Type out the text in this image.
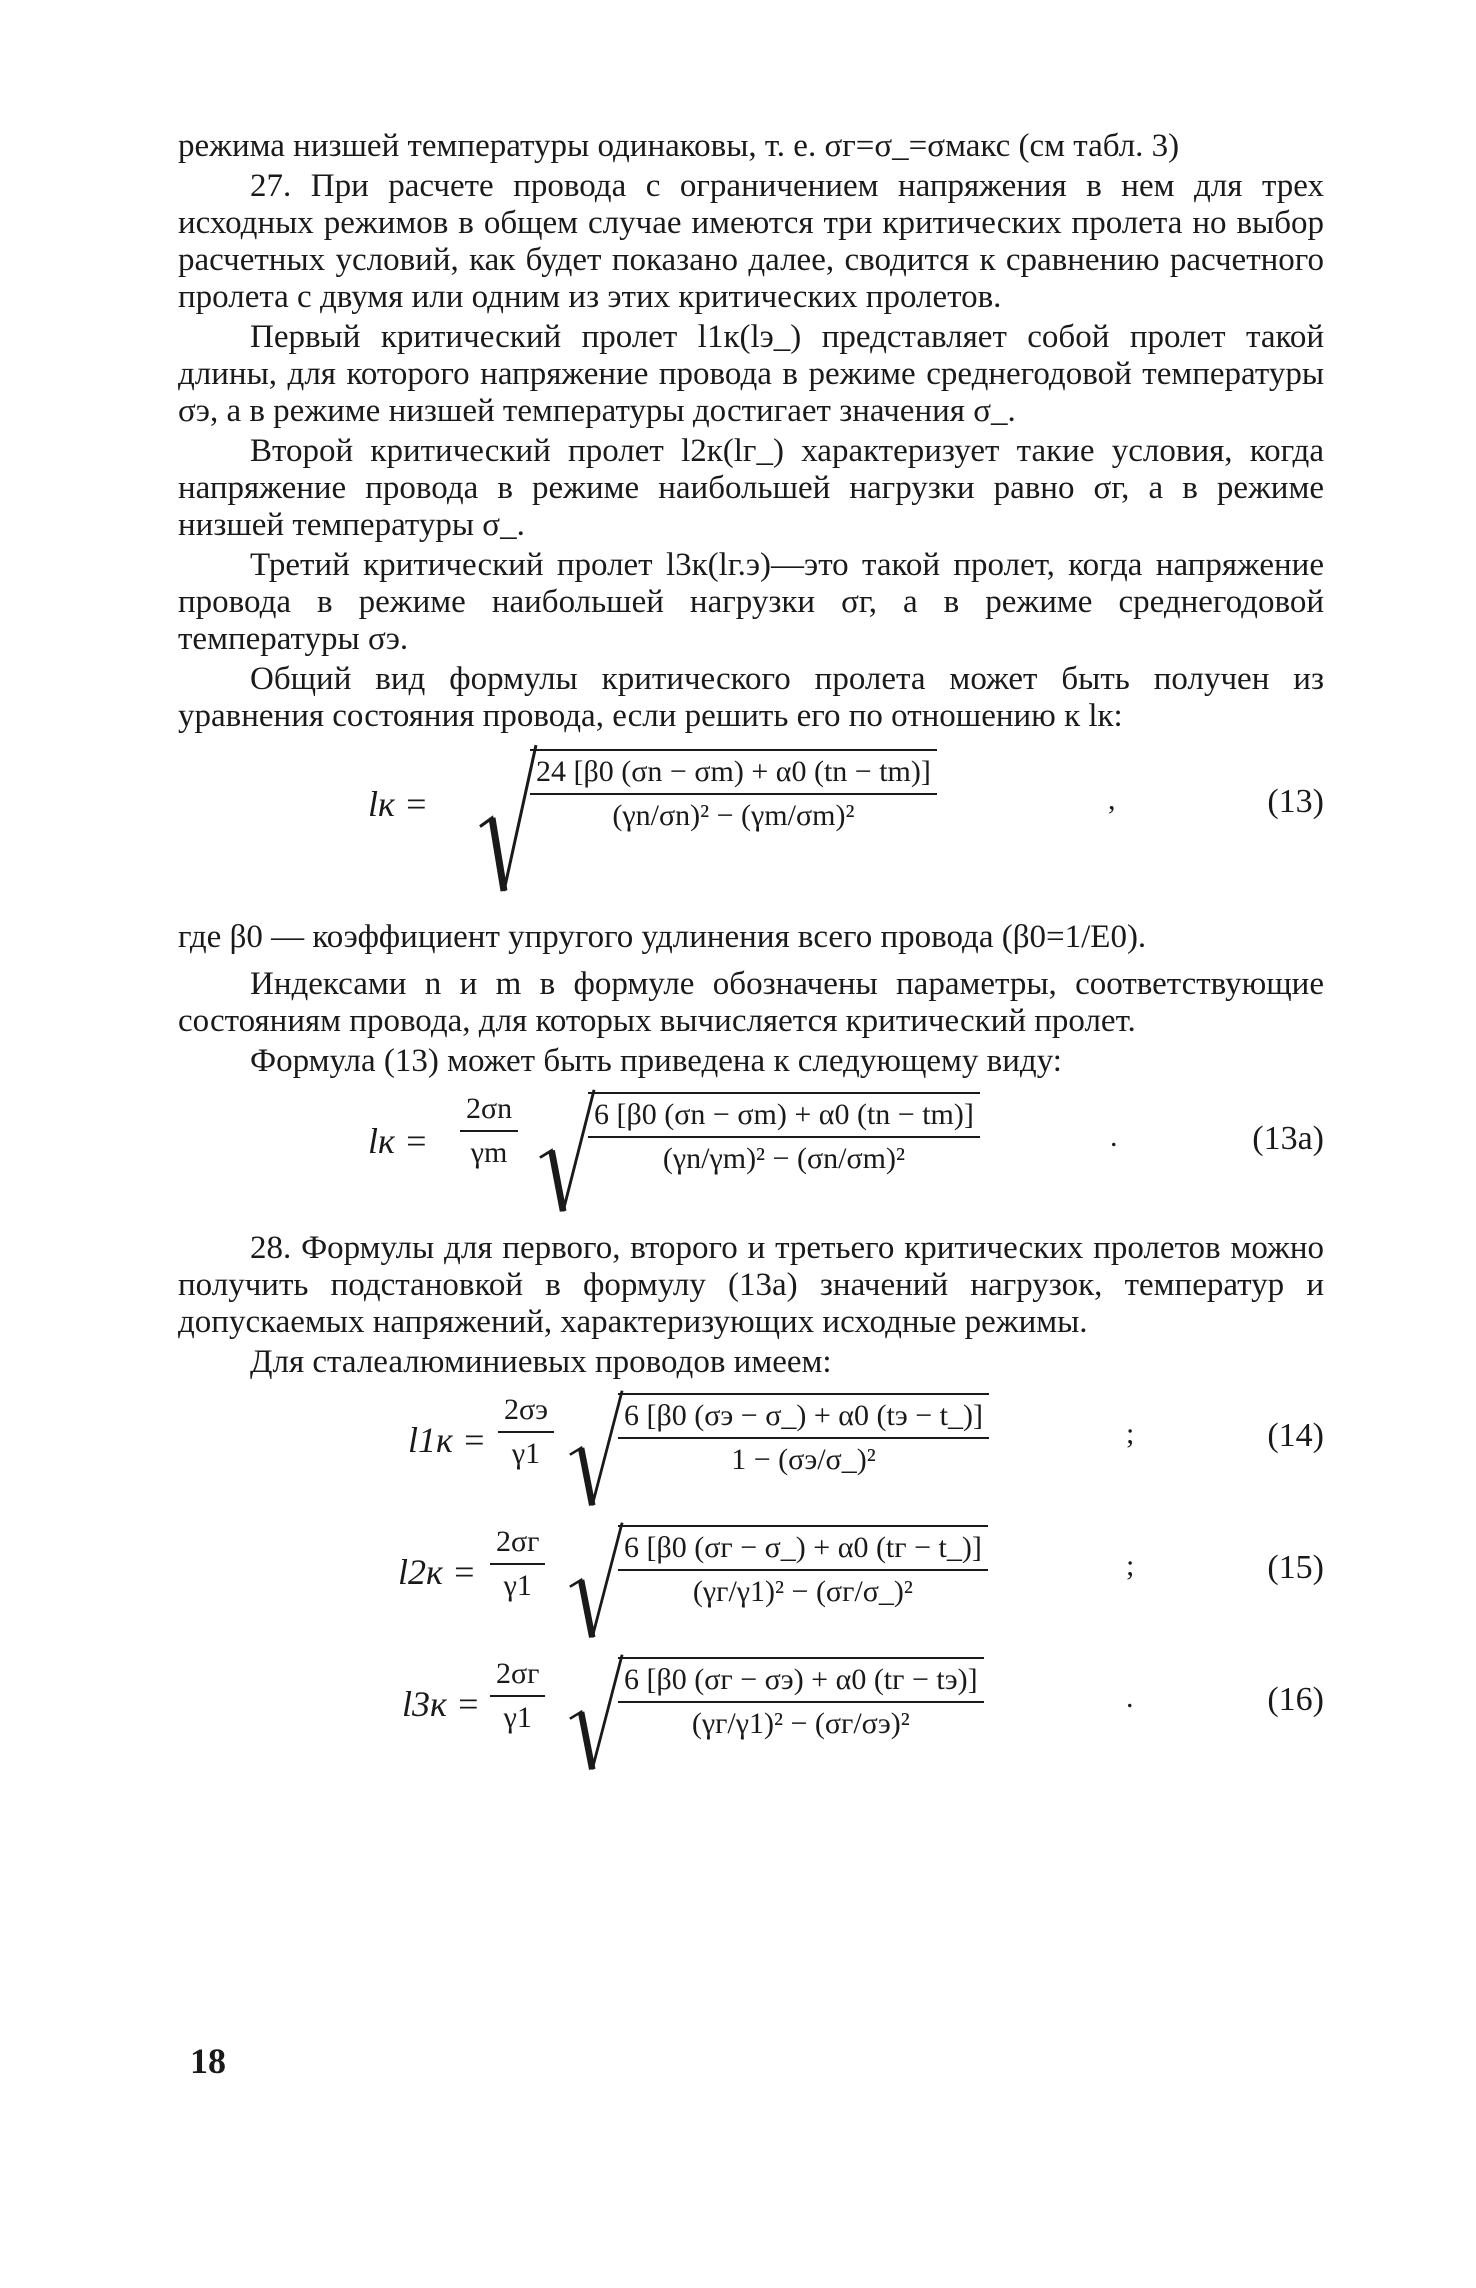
режима низшей температуры одинаковы, т. е. σг=σ_=σмакс (см табл. 3)

27. При расчете провода с ограничением напряжения в нем для трех исходных режимов в общем случае имеются три критических пролета но выбор расчетных условий, как будет показано далее, сводится к сравнению расчетного пролета с двумя или одним из этих критических пролетов.

Первый критический пролет l1к(lэ_) представляет собой пролет такой длины, для которого напряжение провода в режиме среднегодовой температуры σэ, а в режиме низшей температуры достигает значения σ_.

Второй критический пролет l2к(lг_) характеризует такие условия, когда напряжение провода в режиме наибольшей нагрузки равно σг, а в режиме низшей температуры σ_.

Третий критический пролет l3к(lг.э)—это такой пролет, когда напряжение провода в режиме наибольшей нагрузки σг, а в режиме среднегодовой температуры σэ.

Общий вид формулы критического пролета может быть получен из уравнения состояния провода, если решить его по отношению к lк:

lк =	$\frac{24 [\beta 0 (\sigma n - \sigma m) + \alpha 0 (tn - tm)]}{\text{(γn/σn)² − (γm/σm)²}}$	,	(13)

где β0 — коэффициент упругого удлинения всего провода (β0=1/E0).

Индексами n и m в формуле обозначены параметры, соответствующие состояниям провода, для которых вычисляется критический пролет.

Формула (13) может быть приведена к следующему виду:

lк = $\frac{2\sigma n}{\gamma m} \frac{6 [\beta 0 (\sigma n - \sigma m) + \alpha 0 (tn - tm)]}{\text{(γn/γm)² − (σn/σm)²}}$	.	(13а)

28. Формулы для первого, второго и третьего критических пролетов можно получить подстановкой в формулу (13а) значений нагрузок, температур и допускаемых напряжений, характеризующих исходные режимы.

Для сталеалюминиевых проводов имеем:

l1к =
2σэ
γ1
6 [β0 (σэ − σ_) + α0 (tэ − t_)]
1 − (σэ/σ_)²
;	(14)
l2к =
2σг
γ1
6 [β0 (σг − σ_) + α0 (tг − t_)]
(γг/γ1)² − (σг/σ_)²
;	(15)
l3к =
2σг
γ1
6 [β0 (σг − σэ) + α0 (tг − tэ)]
(γг/γ1)² − (σг/σэ)²
.	(16)
18
